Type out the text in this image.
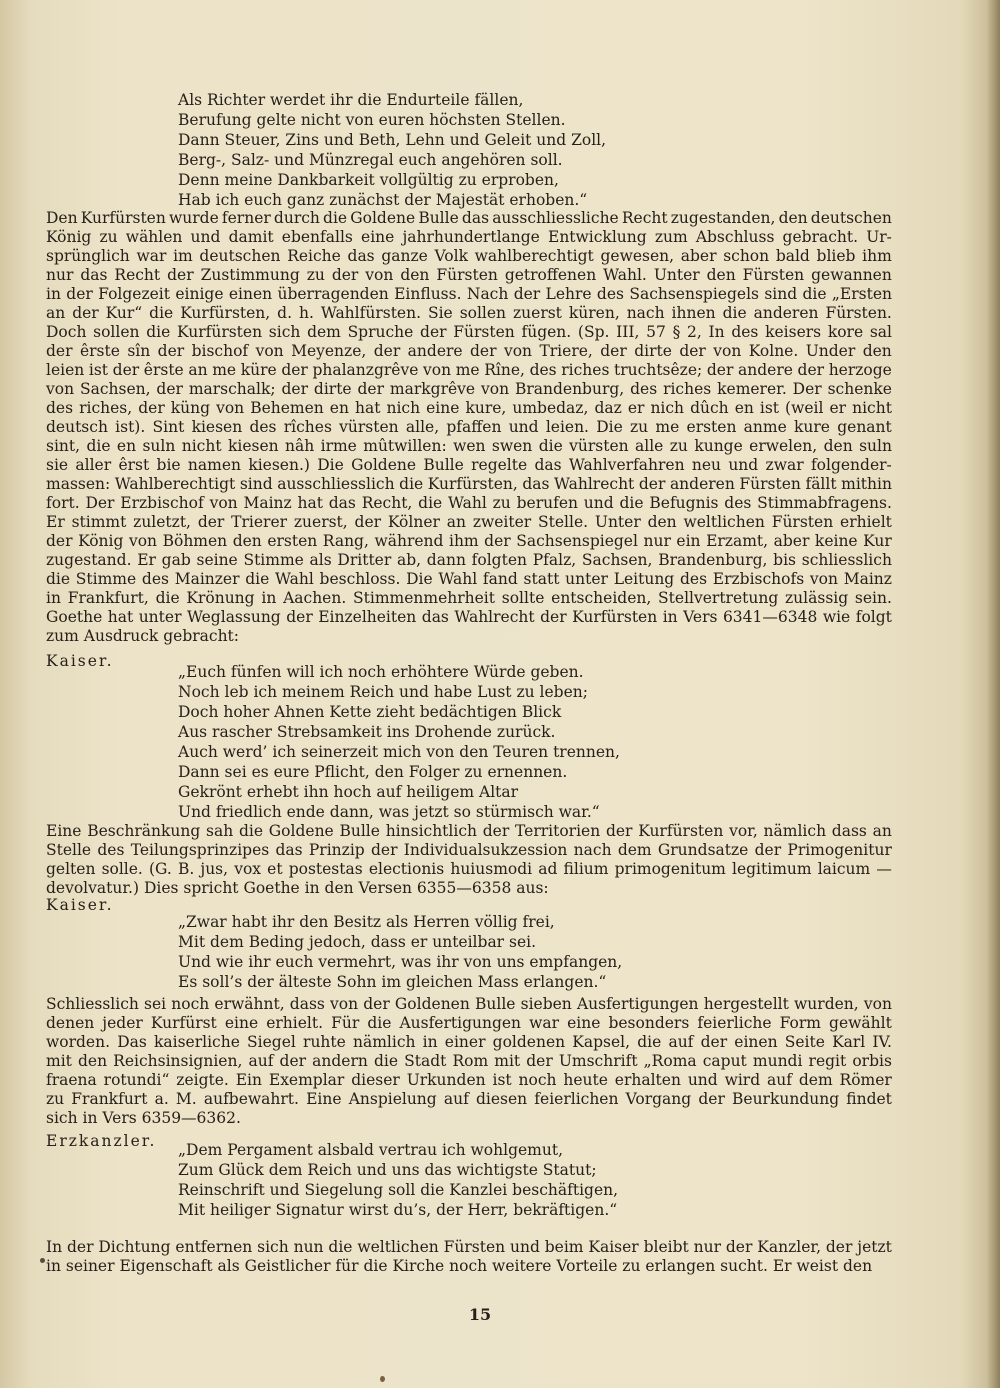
Als Richter werdet ihr die Endurteile fällen,
Berufung gelte nicht von euren höchsten Stellen.
Dann Steuer, Zins und Beth, Lehn und Geleit und Zoll,
Berg-, Salz- und Münzregal euch angehören soll.
Denn meine Dankbarkeit vollgültig zu erproben,
Hab ich euch ganz zunächst der Majestät erhoben.“
Den Kurfürsten wurde ferner durch die Goldene Bulle das ausschliessliche Recht zugestanden, den deutschen
König zu wählen und damit ebenfalls eine jahrhundertlange Entwicklung zum Abschluss gebracht. Ur-
sprünglich war im deutschen Reiche das ganze Volk wahlberechtigt gewesen, aber schon bald blieb ihm
nur das Recht der Zustimmung zu der von den Fürsten getroffenen Wahl. Unter den Fürsten gewannen
in der Folgezeit einige einen überragenden Einfluss. Nach der Lehre des Sachsenspiegels sind die „Ersten
an der Kur“ die Kurfürsten, d. h. Wahlfürsten. Sie sollen zuerst küren, nach ihnen die anderen Fürsten.
Doch sollen die Kurfürsten sich dem Spruche der Fürsten fügen. (Sp. III, 57 § 2, In des keisers kore sal
der êrste sîn der bischof von Meyenze, der andere der von Triere, der dirte der von Kolne. Under den
leien ist der êrste an me küre der phalanzgrêve von me Rîne, des riches truchtsêze; der andere der herzoge
von Sachsen, der marschalk; der dirte der markgrêve von Brandenburg, des riches kemerer. Der schenke
des riches, der küng von Behemen en hat nich eine kure, umbedaz, daz er nich dûch en ist (weil er nicht
deutsch ist). Sint kiesen des rîches vürsten alle, pfaffen und leien. Die zu me ersten anme kure genant
sint, die en suln nicht kiesen nâh irme mûtwillen: wen swen die vürsten alle zu kunge erwelen, den suln
sie aller êrst bie namen kiesen.) Die Goldene Bulle regelte das Wahlverfahren neu und zwar folgender-
massen: Wahlberechtigt sind ausschliesslich die Kurfürsten, das Wahlrecht der anderen Fürsten fällt mithin
fort. Der Erzbischof von Mainz hat das Recht, die Wahl zu berufen und die Befugnis des Stimmabfragens.
Er stimmt zuletzt, der Trierer zuerst, der Kölner an zweiter Stelle. Unter den weltlichen Fürsten erhielt
der König von Böhmen den ersten Rang, während ihm der Sachsenspiegel nur ein Erzamt, aber keine Kur
zugestand. Er gab seine Stimme als Dritter ab, dann folgten Pfalz, Sachsen, Brandenburg, bis schliesslich
die Stimme des Mainzer die Wahl beschloss. Die Wahl fand statt unter Leitung des Erzbischofs von Mainz
in Frankfurt, die Krönung in Aachen. Stimmenmehrheit sollte entscheiden, Stellvertretung zulässig sein.
Goethe hat unter Weglassung der Einzelheiten das Wahlrecht der Kurfürsten in Vers 6341—6348 wie folgt
zum Ausdruck gebracht:
Kaiser.
„Euch fünfen will ich noch erhöhtere Würde geben.
Noch leb ich meinem Reich und habe Lust zu leben;
Doch hoher Ahnen Kette zieht bedächtigen Blick
Aus rascher Strebsamkeit ins Drohende zurück.
Auch werd’ ich seinerzeit mich von den Teuren trennen,
Dann sei es eure Pflicht, den Folger zu ernennen.
Gekrönt erhebt ihn hoch auf heiligem Altar
Und friedlich ende dann, was jetzt so stürmisch war.“
Eine Beschränkung sah die Goldene Bulle hinsichtlich der Territorien der Kurfürsten vor, nämlich dass an
Stelle des Teilungsprinzipes das Prinzip der Individualsukzession nach dem Grundsatze der Primogenitur
gelten solle. (G. B. jus, vox et postestas electionis huiusmodi ad filium primogenitum legitimum laicum —
devolvatur.) Dies spricht Goethe in den Versen 6355—6358 aus:
Kaiser.
„Zwar habt ihr den Besitz als Herren völlig frei,
Mit dem Beding jedoch, dass er unteilbar sei.
Und wie ihr euch vermehrt, was ihr von uns empfangen,
Es soll’s der älteste Sohn im gleichen Mass erlangen.“
Schliesslich sei noch erwähnt, dass von der Goldenen Bulle sieben Ausfertigungen hergestellt wurden, von
denen jeder Kurfürst eine erhielt. Für die Ausfertigungen war eine besonders feierliche Form gewählt
worden. Das kaiserliche Siegel ruhte nämlich in einer goldenen Kapsel, die auf der einen Seite Karl IV.
mit den Reichsinsignien, auf der andern die Stadt Rom mit der Umschrift „Roma caput mundi regit orbis
fraena rotundi“ zeigte. Ein Exemplar dieser Urkunden ist noch heute erhalten und wird auf dem Römer
zu Frankfurt a. M. aufbewahrt. Eine Anspielung auf diesen feierlichen Vorgang der Beurkundung findet
sich in Vers 6359—6362.
Erzkanzler. „Dem Pergament alsbald vertrau ich wohlgemut,
Zum Glück dem Reich und uns das wichtigste Statut;
Reinschrift und Siegelung soll die Kanzlei beschäftigen,
Mit heiliger Signatur wirst du’s, der Herr, bekräftigen.“
In der Dichtung entfernen sich nun die weltlichen Fürsten und beim Kaiser bleibt nur der Kanzler, der jetzt
in seiner Eigenschaft als Geistlicher für die Kirche noch weitere Vorteile zu erlangen sucht. Er weist den
15
